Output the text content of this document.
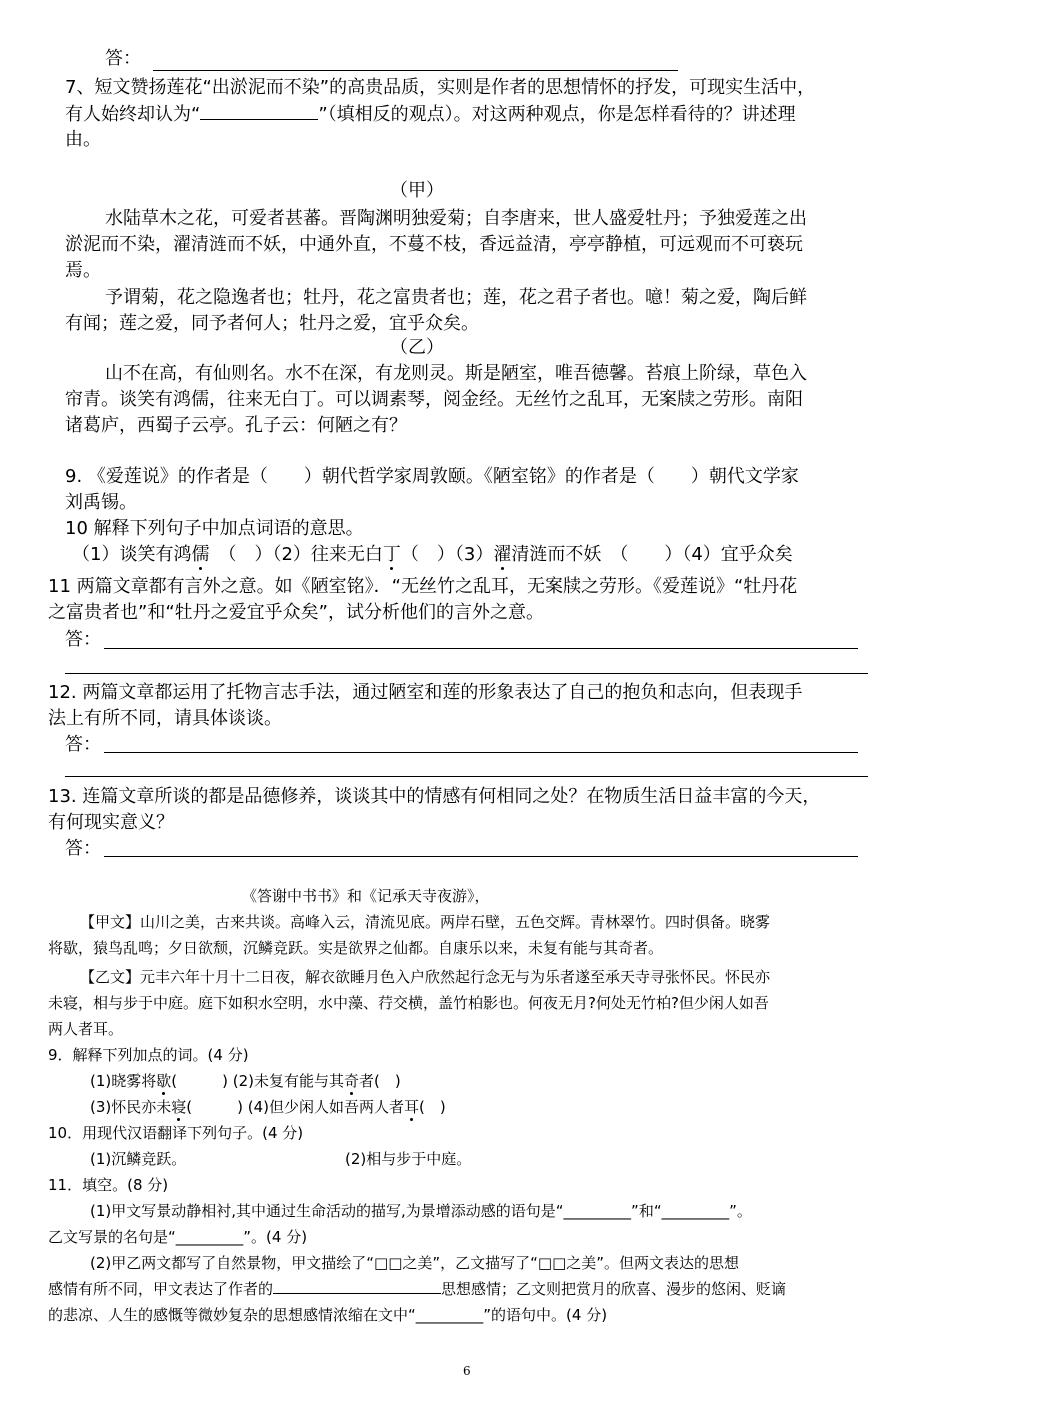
答：
7、短文赞扬莲花“出淤泥而不染”的高贵品质，实则是作者的思想情怀的抒发，可现实生活中，
有人始终却认为“	”（填相反的观点）。对这两种观点，你是怎样看待的？讲述理
由。
（甲）
水陆草木之花，可爱者甚蕃。晋陶渊明独爱菊；自李唐来，世人盛爱牡丹；予独爱莲之出
淤泥而不染，濯清涟而不妖，中通外直，不蔓不枝，香远益清，亭亭静植，可远观而不可亵玩
焉。
予谓菊，花之隐逸者也；牡丹，花之富贵者也；莲，花之君子者也。噫！菊之爱，陶后鲜
有闻；莲之爱，同予者何人；牡丹之爱，宜乎众矣。
（乙）
山不在高，有仙则名。水不在深，有龙则灵。斯是陋室，唯吾德馨。苔痕上阶绿，草色入
帘青。谈笑有鸿儒，往来无白丁。可以调素琴，阅金经。无丝竹之乱耳，无案牍之劳形。南阳
诸葛庐，西蜀子云亭。孔子云：何陋之有？
9. 《爱莲说》的作者是（　　）朝代哲学家周敦颐。《陋室铭》的作者是（　　）朝代文学家
刘禹锡。
10 解释下列句子中加点词语的意思。
（1）谈笑有鸿儒　（　）（2）往来无白丁（　）（3）濯清涟而不妖　（　　）（4）宜乎众矣
11 两篇文章都有言外之意。如《陋室铭》．“无丝竹之乱耳，无案牍之劳形。《爱莲说》“牡丹花
之富贵者也”和“牡丹之爱宜乎众矣”，试分析他们的言外之意。
答：
12. 两篇文章都运用了托物言志手法，通过陋室和莲的形象表达了自己的抱负和志向，但表现手
法上有所不同，请具体谈谈。
答：
13. 连篇文章所谈的都是品德修养，谈谈其中的情感有何相同之处？在物质生活日益丰富的今天，
有何现实意义？
答：
《答谢中书书》和《记承天寺夜游》，
【甲文】山川之美，古来共谈。高峰入云，清流见底。两岸石壁，五色交辉。青林翠竹。四时俱备。晓雾
将歇，猿鸟乱鸣；夕日欲颓，沉鳞竞跃。实是欲界之仙都。自康乐以来，未复有能与其奇者。
【乙文】元丰六年十月十二日夜，解衣欲睡月色入户欣然起行念无与为乐者遂至承天寺寻张怀民。怀民亦
未寝，相与步于中庭。庭下如积水空明，水中藻、荇交横，盖竹柏影也。何夜无月?何处无竹柏?但少闲人如吾
两人者耳。
9．解释下列加点的词。(4 分)
(1)晓雾将歇(　　　) (2)未复有能与其奇者(　)
(3)怀民亦未寝(　　　) (4)但少闲人如吾两人者耳(　)
10．用现代汉语翻译下列句子。(4 分)
(1)沉鳞竞跃。	(2)相与步于中庭。
11．填空。(8 分)
(1)甲文写景动静相衬,其中通过生命活动的描写,为景增添动感的语句是“_________”和“_________”。
乙文写景的名句是“_________”。(4 分)
(2)甲乙两文都写了自然景物，甲文描绘了“□□之美”，乙文描写了“□□之美”。但两文表达的思想
感情有所不同，甲文表达了作者的	思想感情；乙文则把赏月的欣喜、漫步的悠闲、贬谪
的悲凉、人生的感慨等微妙复杂的思想感情浓缩在文中“_________”的语句中。(4 分)
6
